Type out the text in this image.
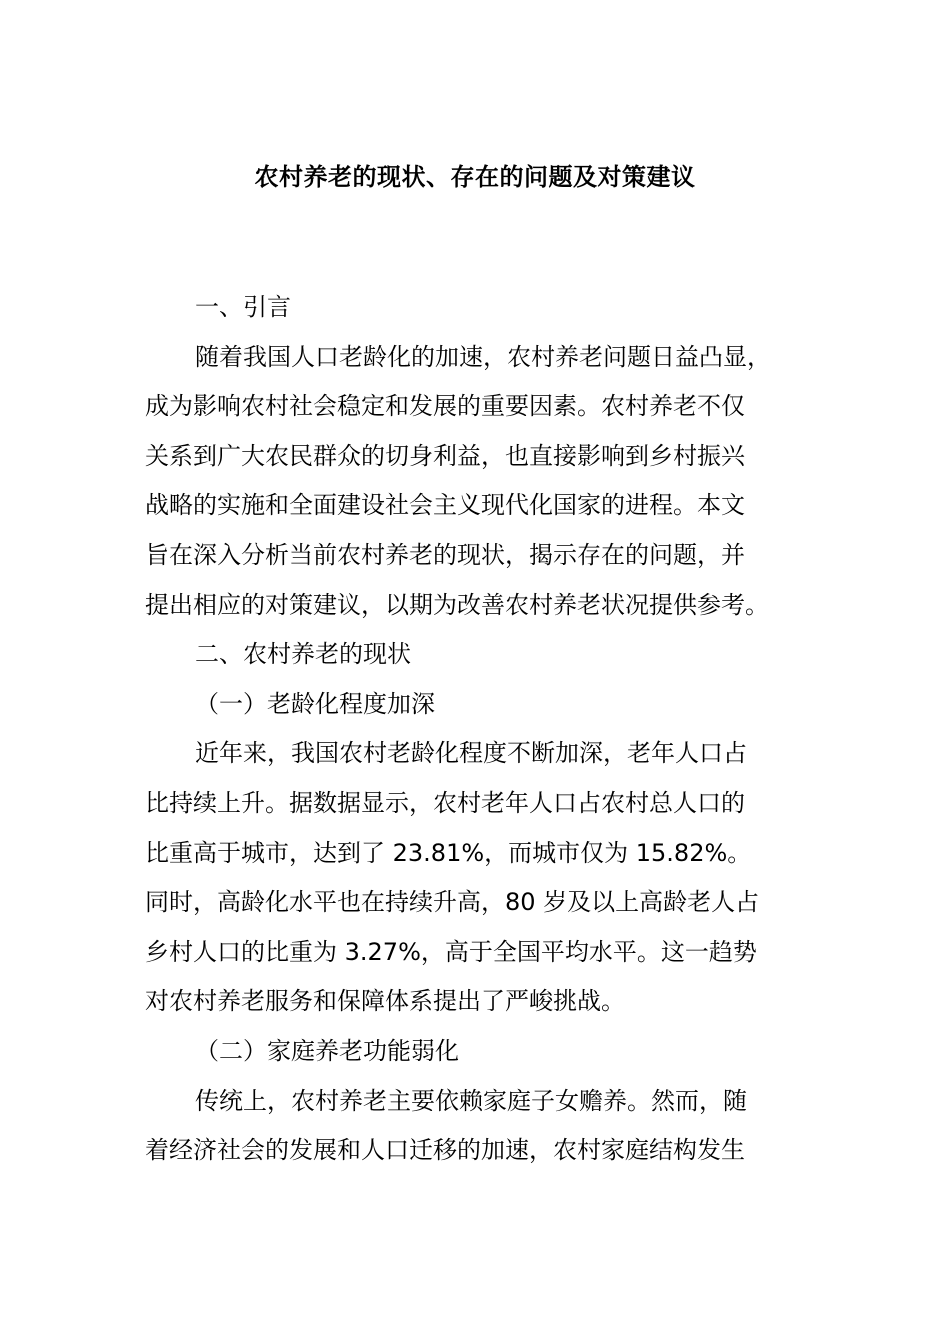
农村养老的现状、存在的问题及对策建议
一、引言
随着我国人口老龄化的加速，农村养老问题日益凸显，
成为影响农村社会稳定和发展的重要因素。农村养老不仅
关系到广大农民群众的切身利益，也直接影响到乡村振兴
战略的实施和全面建设社会主义现代化国家的进程。本文
旨在深入分析当前农村养老的现状，揭示存在的问题，并
提出相应的对策建议，以期为改善农村养老状况提供参考。
二、农村养老的现状
（一）老龄化程度加深
近年来，我国农村老龄化程度不断加深，老年人口占
比持续上升。据数据显示，农村老年人口占农村总人口的
比重高于城市，达到了 23.81%，而城市仅为 15.82%。
同时，高龄化水平也在持续升高，80 岁及以上高龄老人占
乡村人口的比重为 3.27%，高于全国平均水平。这一趋势
对农村养老服务和保障体系提出了严峻挑战。
（二）家庭养老功能弱化
传统上，农村养老主要依赖家庭子女赡养。然而，随
着经济社会的发展和人口迁移的加速，农村家庭结构发生
